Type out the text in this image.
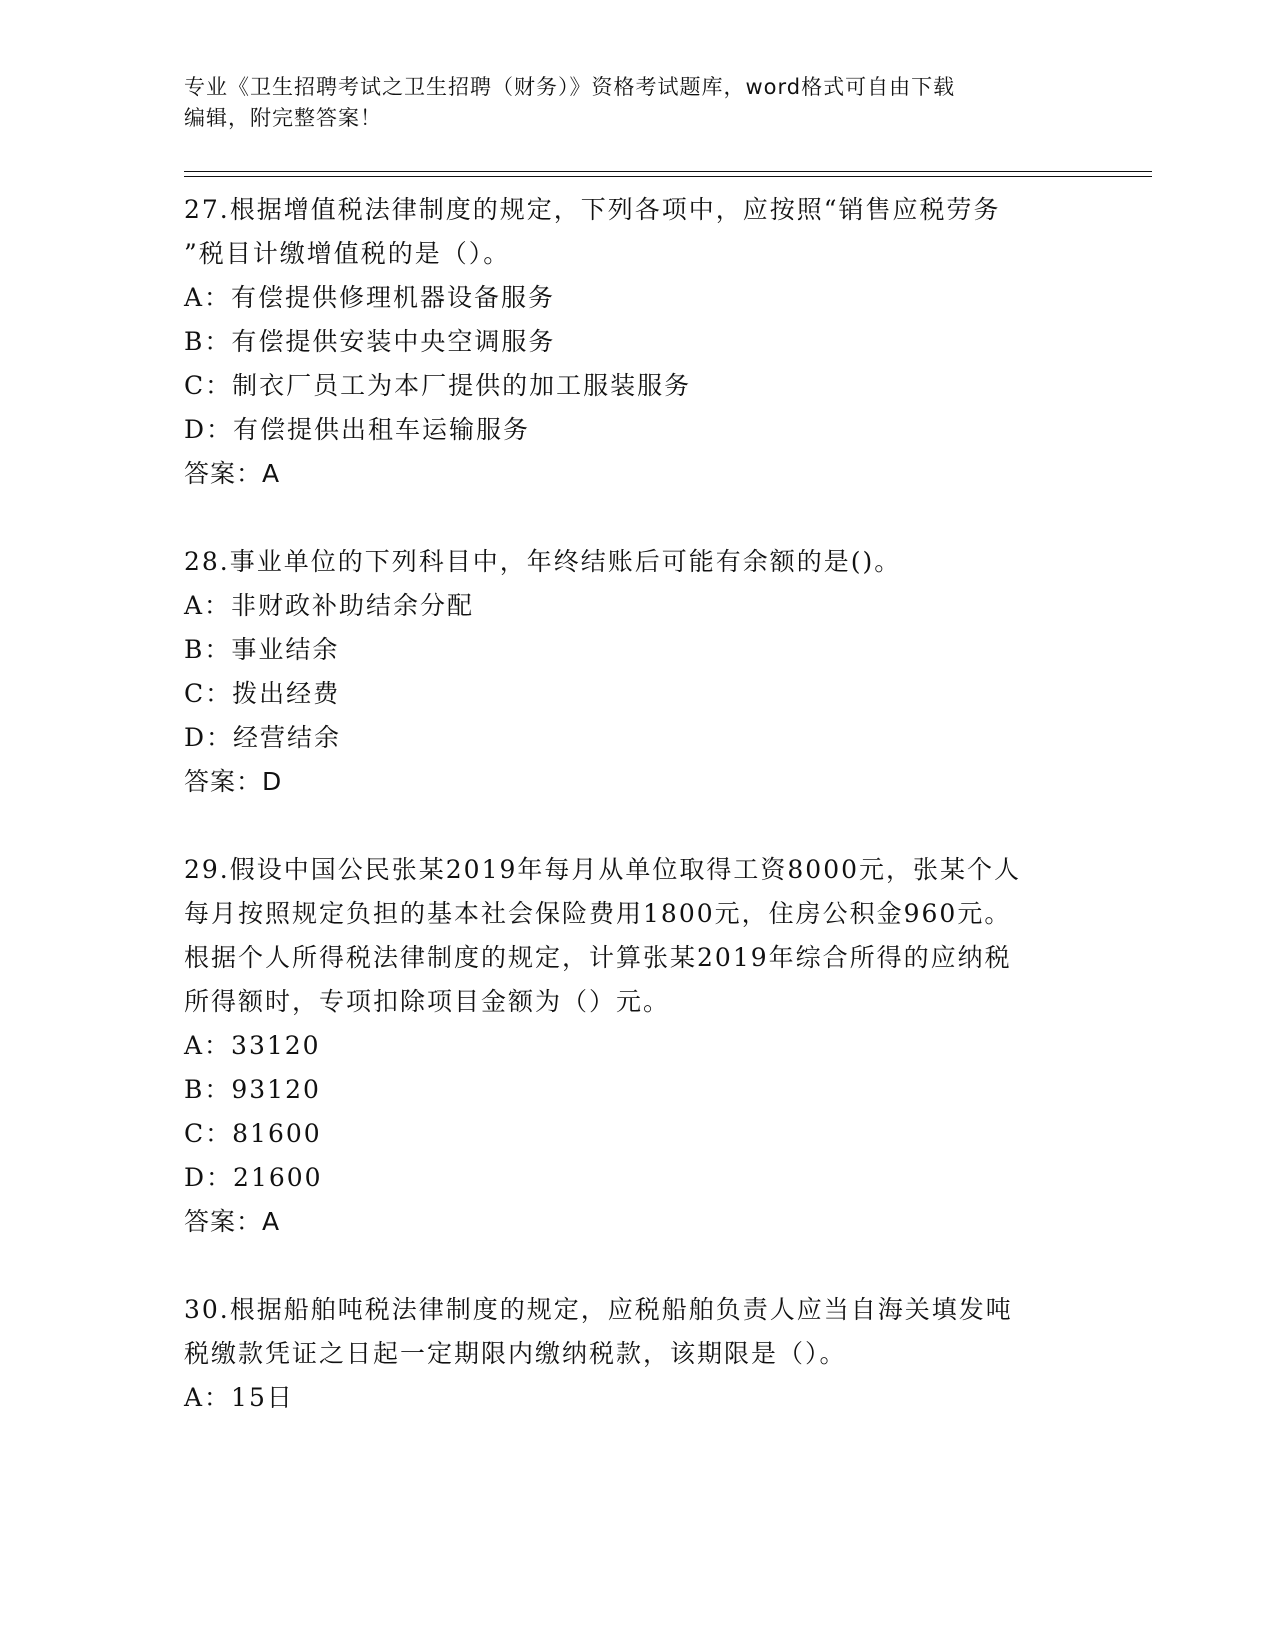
专业《卫生招聘考试之卫生招聘（财务）》资格考试题库，word格式可自由下载
编辑，附完整答案！

27.根据增值税法律制度的规定，下列各项中，应按照“销售应税劳务

”税目计缴增值税的是（）。

A：有偿提供修理机器设备服务

B：有偿提供安装中央空调服务

C：制衣厂员工为本厂提供的加工服装服务

D：有偿提供出租车运输服务

答案：A

28.事业单位的下列科目中，年终结账后可能有余额的是()。

A：非财政补助结余分配

B：事业结余

C：拨出经费

D：经营结余

答案：D

29.假设中国公民张某2019年每月从单位取得工资8000元，张某个人

每月按照规定负担的基本社会保险费用1800元，住房公积金960元。

根据个人所得税法律制度的规定，计算张某2019年综合所得的应纳税

所得额时，专项扣除项目金额为（）元。

A：33120

B：93120

C：81600

D：21600

答案：A

30.根据船舶吨税法律制度的规定，应税船舶负责人应当自海关填发吨

税缴款凭证之日起一定期限内缴纳税款，该期限是（）。

A：15日
